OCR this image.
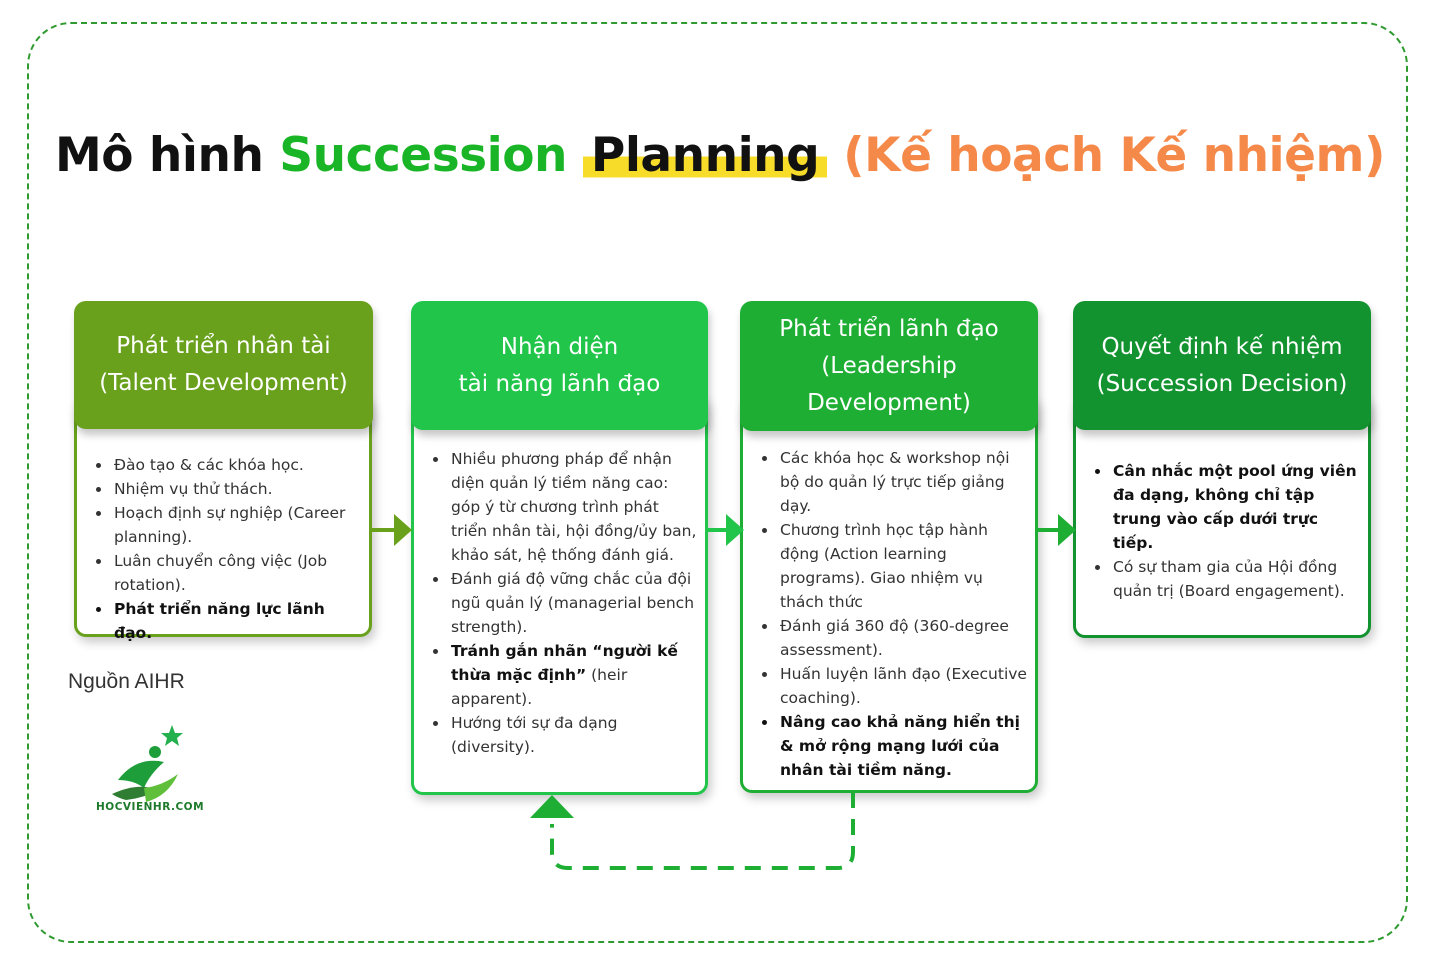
Mô hình Succession Planning (Kế hoạch Kế nhiệm)
• Đào tạo & các khóa học.
• Nhiệm vụ thử thách.
• Hoạch định sự nghiệp (Career planning).
• Luân chuyển công việc (Job rotation).
• Phát triển năng lực lãnh đạo.
Phát triển nhân tài
(Talent Development)
• Nhiều phương pháp để nhận diện quản lý tiềm năng cao: góp ý từ chương trình phát triển nhân tài, hội đồng/ủy ban, khảo sát, hệ thống đánh giá.
• Đánh giá độ vững chắc của đội ngũ quản lý (managerial bench strength).
• Tránh gắn nhãn “người kế thừa mặc định” (heir apparent).
• Hướng tới sự đa dạng (diversity).
Nhận diện
tài năng lãnh đạo
• Các khóa học & workshop nội bộ do quản lý trực tiếp giảng dạy.
• Chương trình học tập hành động (Action learning programs). Giao nhiệm vụ thách thức
• Đánh giá 360 độ (360-degree assessment).
• Huấn luyện lãnh đạo (Executive coaching).
• Nâng cao khả năng hiển thị & mở rộng mạng lưới của nhân tài tiềm năng.
Phát triển lãnh đạo
(Leadership
Development)
• Cân nhắc một pool ứng viên đa dạng, không chỉ tập trung vào cấp dưới trực tiếp.
• Có sự tham gia của Hội đồng quản trị (Board engagement).
Quyết định kế nhiệm
(Succession Decision)
Nguồn AIHR
HOCVIENHR.COM
